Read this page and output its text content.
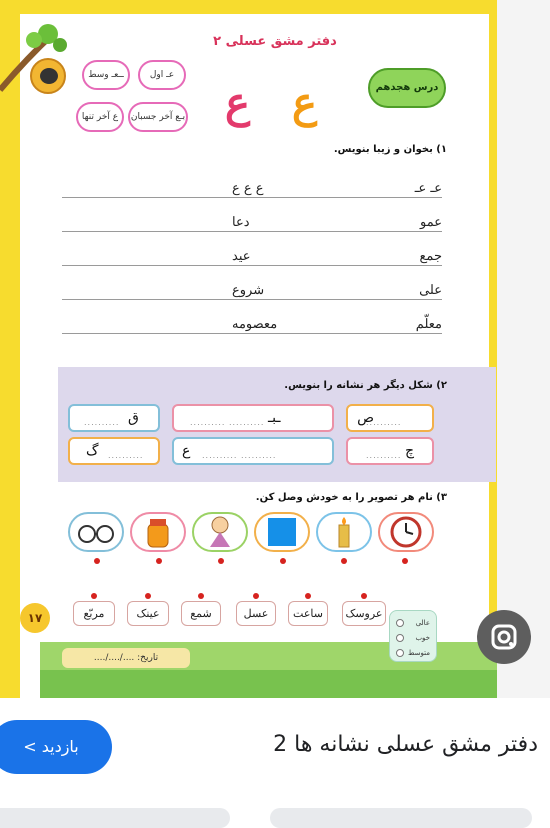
دفتر مشق عسلی ۲
ــعـ وسط	عـ اول
بـع آخر جسبان
ع آخر تنها	ع ع	درس هجدهم
۱) بخوان و زیبا بنویس.
ع ع ع	عـ عـ
دعا	عمو
عید	جمع
شروع	علی
معصومه	معلّم
۲) شکل دیگر هر نشانه را بنویس.
ص
..........
ـبـ
.......... ..........
ق
..........
چ
..........
ع .......... ..........
گ ..........
۳) نام هر تصویر را به خودش وصل کن.
عروسک
ساعت
عسل
شمع
عینک
مربّع
۱۷
تاریخ: ..../..../....
عالی
خوب
متوسط
دفتر مشق عسلی نشانه ها 2
بازدید >
